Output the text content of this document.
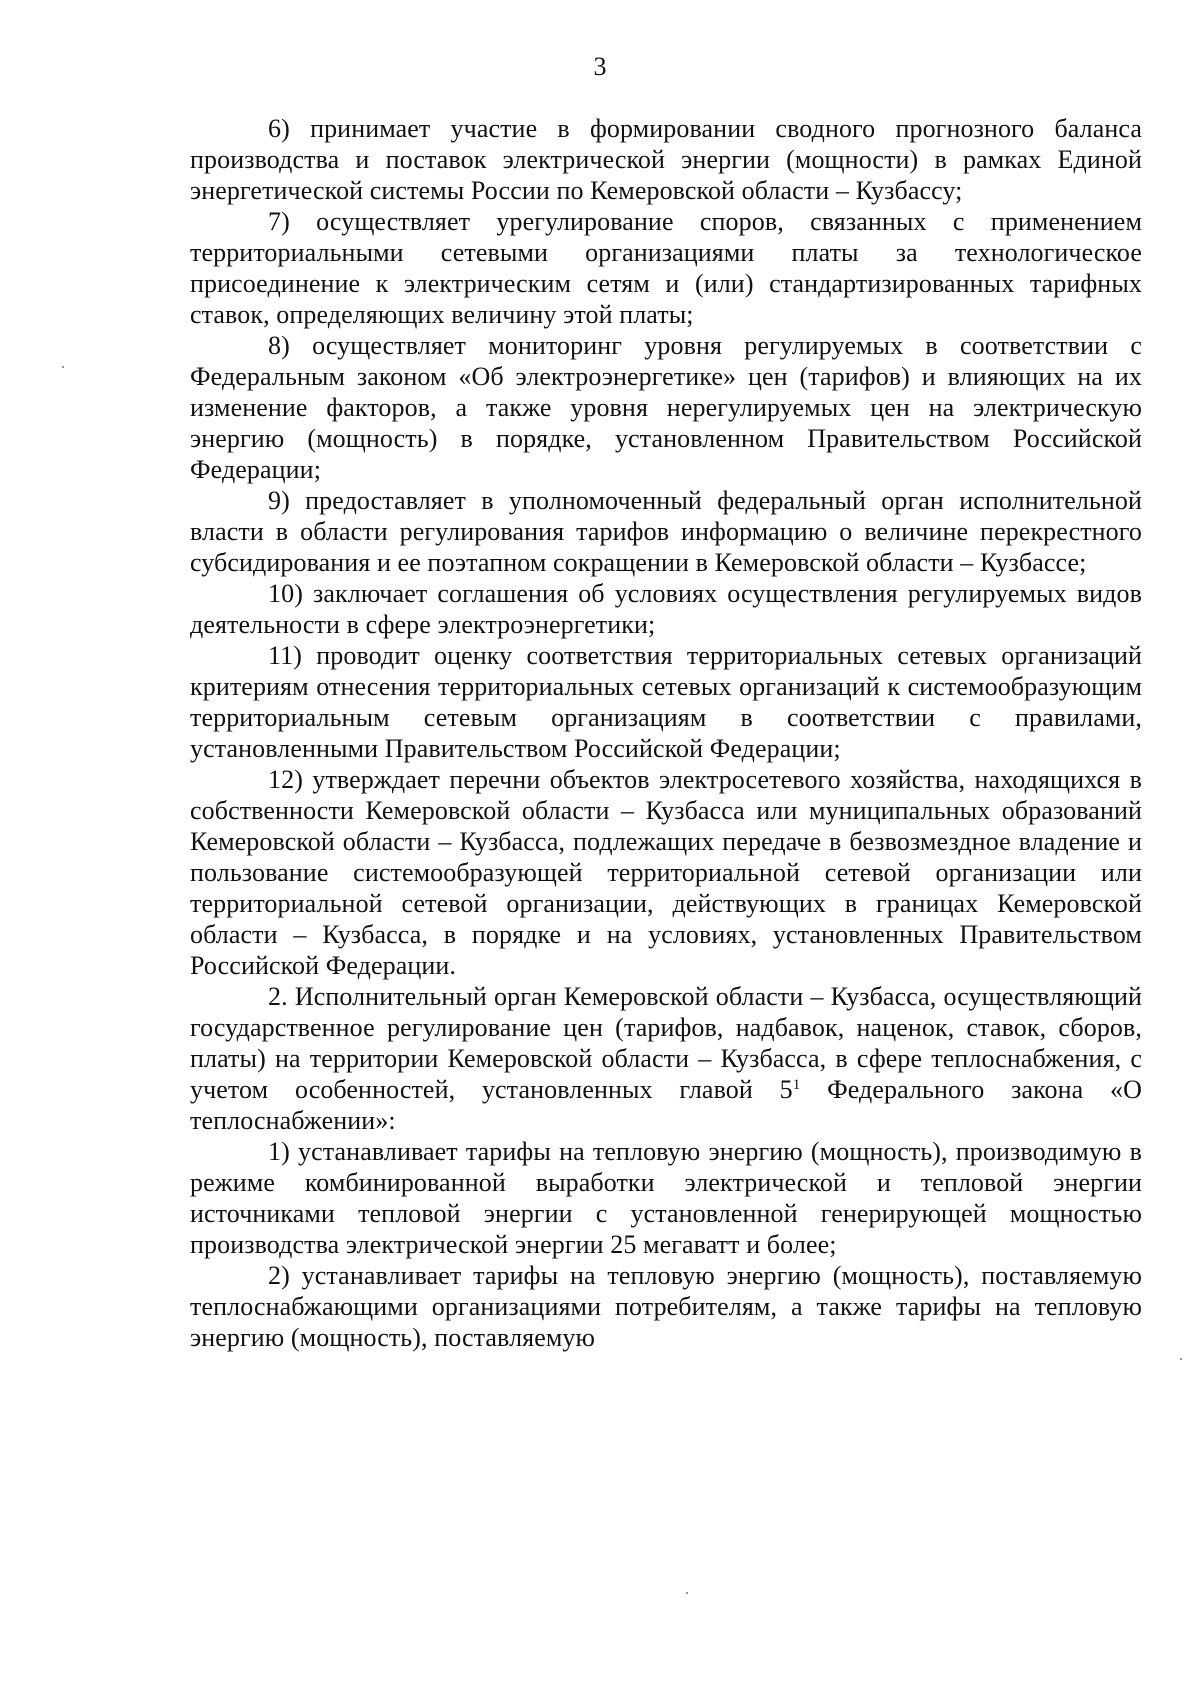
3

6) принимает участие в формировании сводного прогнозного баланса производства и поставок электрической энергии (мощности) в рамках Единой энергетической системы России по Кемеровской области – Кузбассу;

7) осуществляет урегулирование споров, связанных с применением территориальными сетевыми организациями платы за технологическое присоединение к электрическим сетям и (или) стандартизированных тарифных ставок, определяющих величину этой платы;

8) осуществляет мониторинг уровня регулируемых в соответствии с Федеральным законом «Об электроэнергетике» цен (тарифов) и влияющих на их изменение факторов, а также уровня нерегулируемых цен на электрическую энергию (мощность) в порядке, установленном Правительством Российской Федерации;

9) предоставляет в уполномоченный федеральный орган исполнительной власти в области регулирования тарифов информацию о величине перекрестного субсидирования и ее поэтапном сокращении в Кемеровской области – Кузбассе;

10) заключает соглашения об условиях осуществления регулируемых видов деятельности в сфере электроэнергетики;

11) проводит оценку соответствия территориальных сетевых организаций критериям отнесения территориальных сетевых организаций к системообразующим территориальным сетевым организациям в соответствии с правилами, установленными Правительством Российской Федерации;

12) утверждает перечни объектов электросетевого хозяйства, находящихся в собственности Кемеровской области – Кузбасса или муниципальных образований Кемеровской области – Кузбасса, подлежащих передаче в безвозмездное владение и пользование системообразующей территориальной сетевой организации или территориальной сетевой организации, действующих в границах Кемеровской области – Кузбасса, в порядке и на условиях, установленных Правительством Российской Федерации.

2. Исполнительный орган Кемеровской области – Кузбасса, осуществляющий государственное регулирование цен (тарифов, надбавок, наценок, ставок, сборов, платы) на территории Кемеровской области – Кузбасса, в сфере теплоснабжения, с учетом особенностей, установленных главой $5^1$ Федерального закона «О теплоснабжении»:

1) устанавливает тарифы на тепловую энергию (мощность), производимую в режиме комбинированной выработки электрической и тепловой энергии источниками тепловой энергии с установленной генерирующей мощностью производства электрической энергии 25 мегаватт и более;

2) устанавливает тарифы на тепловую энергию (мощность), поставляемую теплоснабжающими организациями потребителям, а также тарифы на тепловую энергию (мощность), поставляемую
